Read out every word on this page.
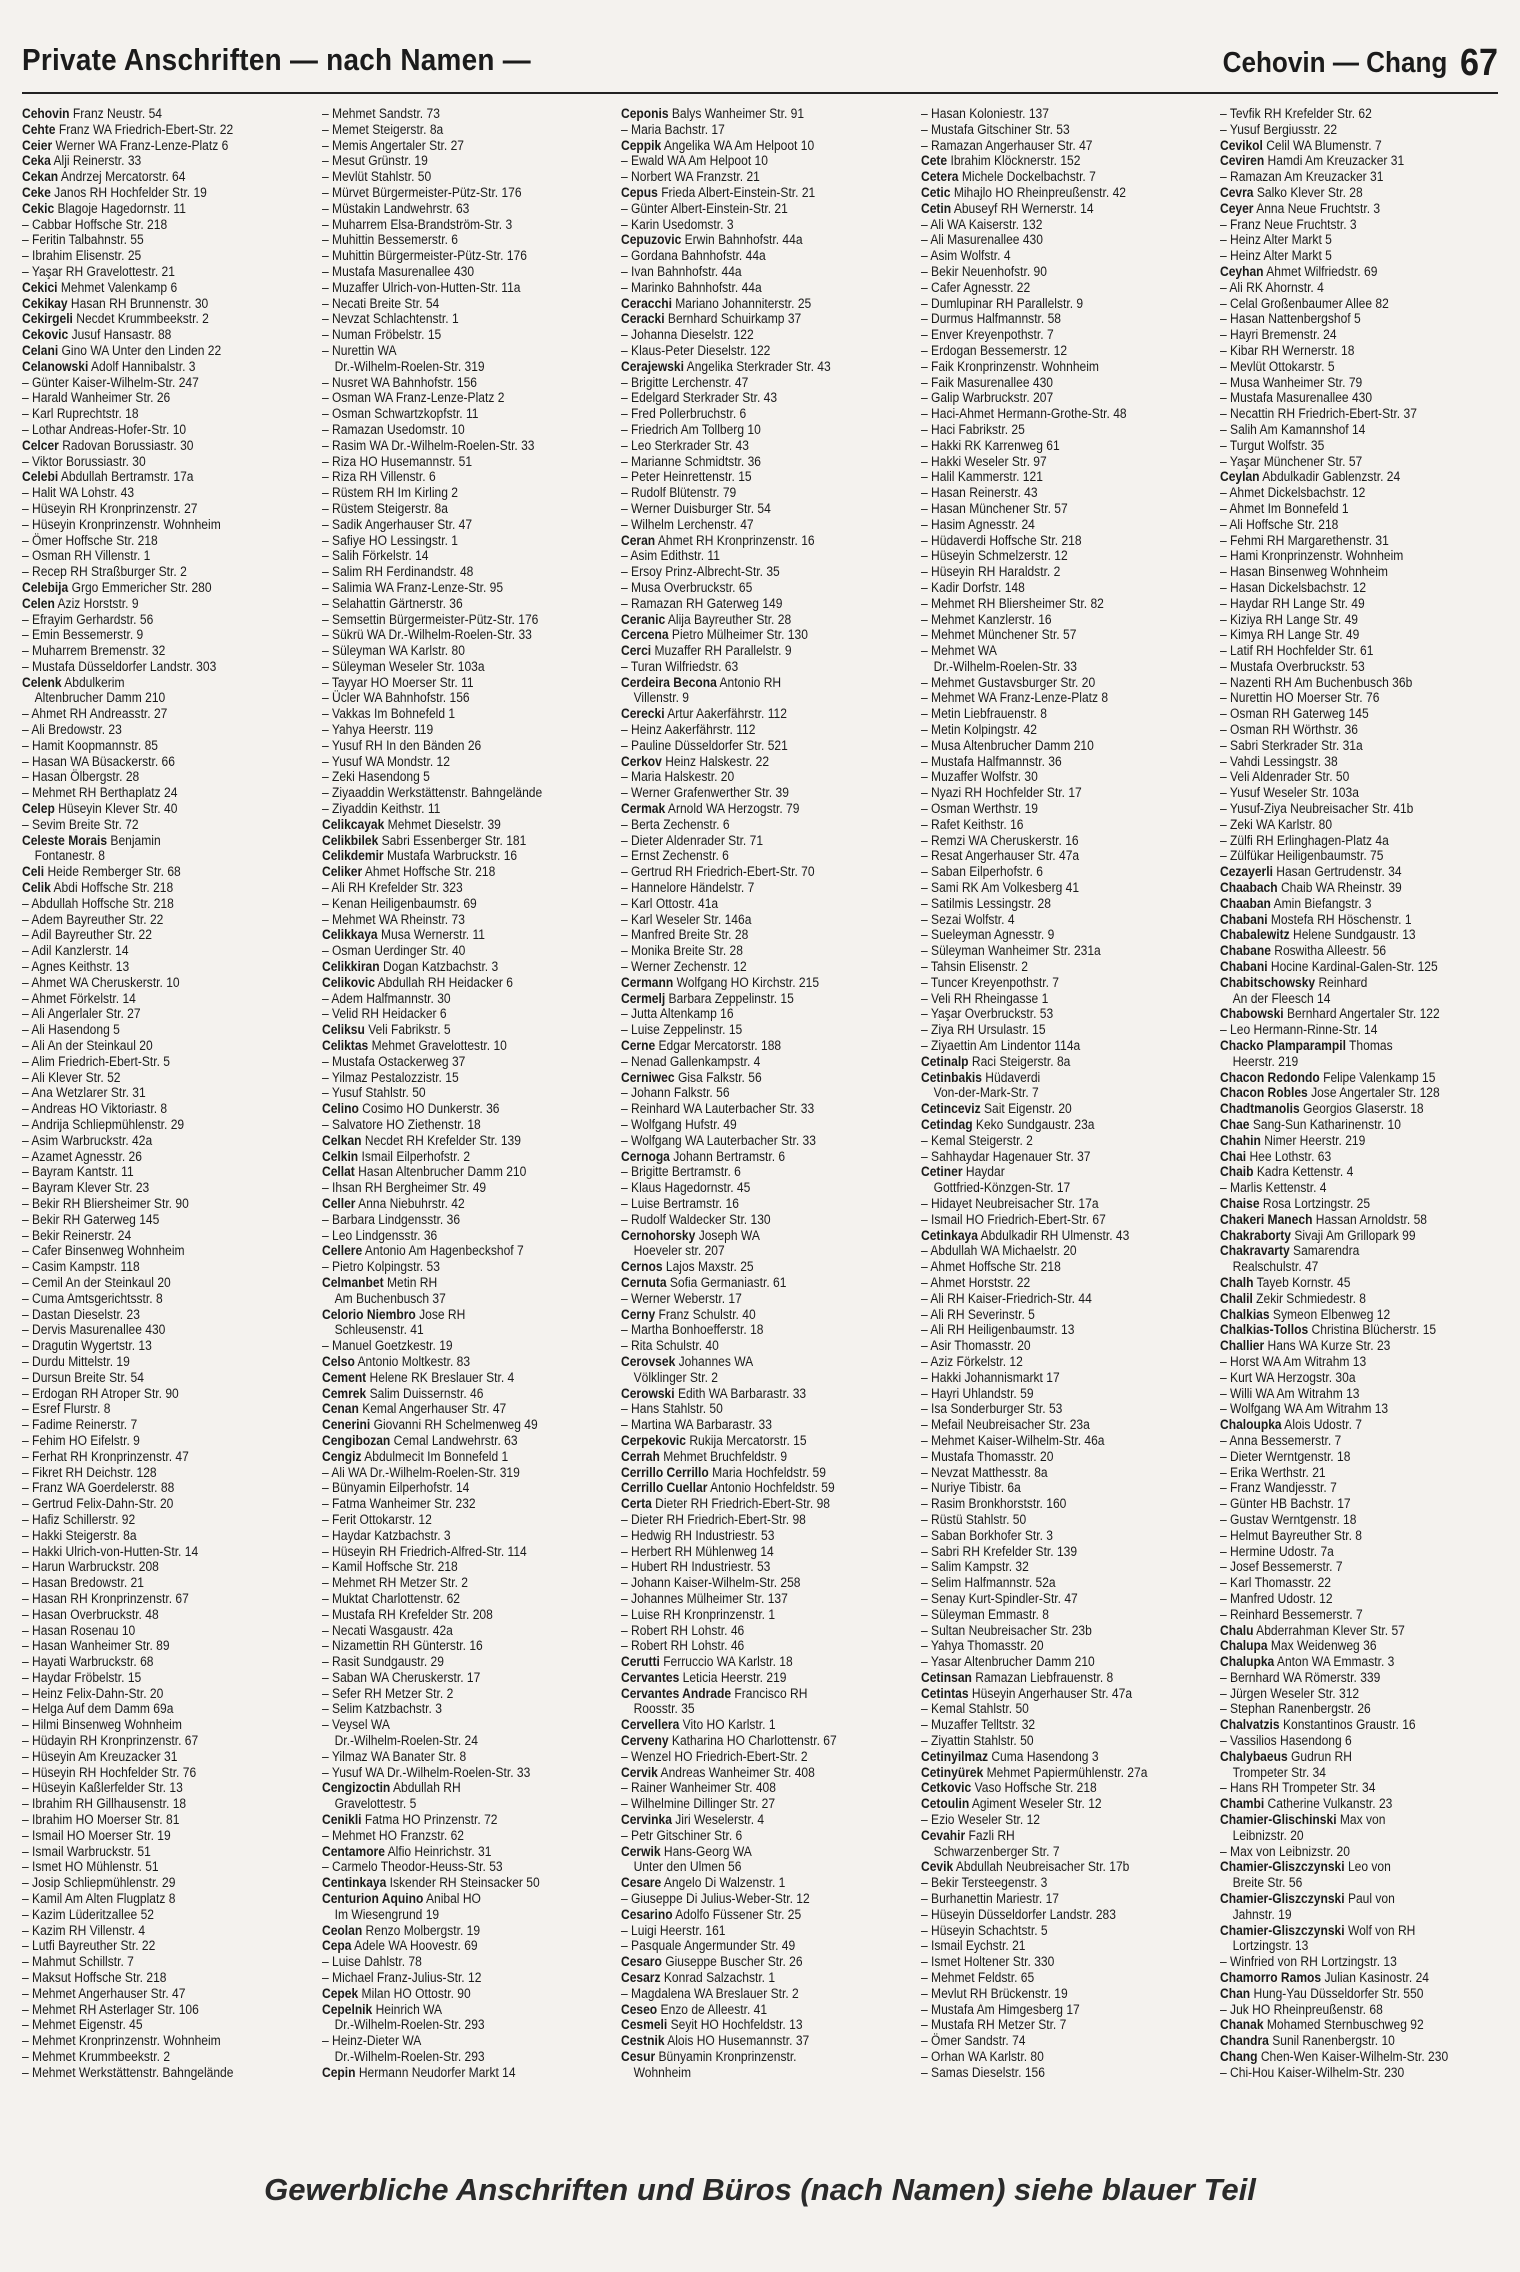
Private Anschriften — nach Namen —	Cehovin — Chang 67
Cehovin Franz Neustr. 54
Cehte Franz WA Friedrich-Ebert-Str. 22
Ceier Werner WA Franz-Lenze-Platz 6
Ceka Alji Reinerstr. 33
Cekan Andrzej Mercatorstr. 64
Ceke Janos RH Hochfelder Str. 19
Cekic Blagoje Hagedornstr. 11
– Cabbar Hoffsche Str. 218
– Feritin Talbahnstr. 55
– Ibrahim Elisenstr. 25
– Yaşar RH Gravelottestr. 21
Cekici Mehmet Valenkamp 6
Cekikay Hasan RH Brunnenstr. 30
Cekirgeli Necdet Krummbeekstr. 2
Cekovic Jusuf Hansastr. 88
Celani Gino WA Unter den Linden 22
Celanowski Adolf Hannibalstr. 3
– Günter Kaiser-Wilhelm-Str. 247
– Harald Wanheimer Str. 26
– Karl Ruprechtstr. 18
– Lothar Andreas-Hofer-Str. 10
Celcer Radovan Borussiastr. 30
– Viktor Borussiastr. 30
Celebi Abdullah Bertramstr. 17a
– Halit WA Lohstr. 43
– Hüseyin RH Kronprinzenstr. 27
– Hüseyin Kronprinzenstr. Wohnheim
– Ömer Hoffsche Str. 218
– Osman RH Villenstr. 1
– Recep RH Straßburger Str. 2
Celebija Grgo Emmericher Str. 280
Celen Aziz Horststr. 9
– Efrayim Gerhardstr. 56
– Emin Bessemerstr. 9
– Muharrem Bremenstr. 32
– Mustafa Düsseldorfer Landstr. 303
Celenk Abdulkerim
Altenbrucher Damm 210
– Ahmet RH Andreasstr. 27
– Ali Bredowstr. 23
– Hamit Koopmannstr. 85
– Hasan WA Büsackerstr. 66
– Hasan Ölbergstr. 28
– Mehmet RH Berthaplatz 24
Celep Hüseyin Klever Str. 40
– Sevim Breite Str. 72
Celeste Morais Benjamin
Fontanestr. 8
Celi Heide Remberger Str. 68
Celik Abdi Hoffsche Str. 218
– Abdullah Hoffsche Str. 218
– Adem Bayreuther Str. 22
– Adil Bayreuther Str. 22
– Adil Kanzlerstr. 14
– Agnes Keithstr. 13
– Ahmet WA Cheruskerstr. 10
– Ahmet Förkelstr. 14
– Ali Angerlaler Str. 27
– Ali Hasendong 5
– Ali An der Steinkaul 20
– Alim Friedrich-Ebert-Str. 5
– Ali Klever Str. 52
– Ana Wetzlarer Str. 31
– Andreas HO Viktoriastr. 8
– Andrija Schliepmühlenstr. 29
– Asim Warbruckstr. 42a
– Azamet Agnesstr. 26
– Bayram Kantstr. 11
– Bayram Klever Str. 23
– Bekir RH Bliersheimer Str. 90
– Bekir RH Gaterweg 145
– Bekir Reinerstr. 24
– Cafer Binsenweg Wohnheim
– Casim Kampstr. 118
– Cemil An der Steinkaul 20
– Cuma Amtsgerichtsstr. 8
– Dastan Dieselstr. 23
– Dervis Masurenallee 430
– Dragutin Wygertstr. 13
– Durdu Mittelstr. 19
– Dursun Breite Str. 54
– Erdogan RH Atroper Str. 90
– Esref Flurstr. 8
– Fadime Reinerstr. 7
– Fehim HO Eifelstr. 9
– Ferhat RH Kronprinzenstr. 47
– Fikret RH Deichstr. 128
– Franz WA Goerdelerstr. 88
– Gertrud Felix-Dahn-Str. 20
– Hafiz Schillerstr. 92
– Hakki Steigerstr. 8a
– Hakki Ulrich-von-Hutten-Str. 14
– Harun Warbruckstr. 208
– Hasan Bredowstr. 21
– Hasan RH Kronprinzenstr. 67
– Hasan Overbruckstr. 48
– Hasan Rosenau 10
– Hasan Wanheimer Str. 89
– Hayati Warbruckstr. 68
– Haydar Fröbelstr. 15
– Heinz Felix-Dahn-Str. 20
– Helga Auf dem Damm 69a
– Hilmi Binsenweg Wohnheim
– Hüdayin RH Kronprinzenstr. 67
– Hüseyin Am Kreuzacker 31
– Hüseyin RH Hochfelder Str. 76
– Hüseyin Kaßlerfelder Str. 13
– Ibrahim RH Gillhausenstr. 18
– Ibrahim HO Moerser Str. 81
– Ismail HO Moerser Str. 19
– Ismail Warbruckstr. 51
– Ismet HO Mühlenstr. 51
– Josip Schliepmühlenstr. 29
– Kamil Am Alten Flugplatz 8
– Kazim Lüderitzallee 52
– Kazim RH Villenstr. 4
– Lutfi Bayreuther Str. 22
– Mahmut Schillstr. 7
– Maksut Hoffsche Str. 218
– Mehmet Angerhauser Str. 47
– Mehmet RH Asterlager Str. 106
– Mehmet Eigenstr. 45
– Mehmet Kronprinzenstr. Wohnheim
– Mehmet Krummbeekstr. 2
– Mehmet Werkstättenstr. Bahngelände
– Mehmet Sandstr. 73
– Memet Steigerstr. 8a
– Memis Angertaler Str. 27
– Mesut Grünstr. 19
– Mevlüt Stahlstr. 50
– Mürvet Bürgermeister-Pütz-Str. 176
– Müstakin Landwehrstr. 63
– Muharrem Elsa-Brandström-Str. 3
– Muhittin Bessemerstr. 6
– Muhittin Bürgermeister-Pütz-Str. 176
– Mustafa Masurenallee 430
– Muzaffer Ulrich-von-Hutten-Str. 11a
– Necati Breite Str. 54
– Nevzat Schlachtenstr. 1
– Numan Fröbelstr. 15
– Nurettin WA
Dr.-Wilhelm-Roelen-Str. 319
– Nusret WA Bahnhofstr. 156
– Osman WA Franz-Lenze-Platz 2
– Osman Schwartzkopfstr. 11
– Ramazan Usedomstr. 10
– Rasim WA Dr.-Wilhelm-Roelen-Str. 33
– Riza HO Husemannstr. 51
– Riza RH Villenstr. 6
– Rüstem RH Im Kirling 2
– Rüstem Steigerstr. 8a
– Sadik Angerhauser Str. 47
– Safiye HO Lessingstr. 1
– Salih Förkelstr. 14
– Salim RH Ferdinandstr. 48
– Salimia WA Franz-Lenze-Str. 95
– Selahattin Gärtnerstr. 36
– Semsettin Bürgermeister-Pütz-Str. 176
– Sükrü WA Dr.-Wilhelm-Roelen-Str. 33
– Süleyman WA Karlstr. 80
– Süleyman Weseler Str. 103a
– Tayyar HO Moerser Str. 11
– Ücler WA Bahnhofstr. 156
– Vakkas Im Bohnefeld 1
– Yahya Heerstr. 119
– Yusuf RH In den Bänden 26
– Yusuf WA Mondstr. 12
– Zeki Hasendong 5
– Ziyaaddin Werkstättenstr. Bahngelände
– Ziyaddin Keithstr. 11
Celikcayak Mehmet Dieselstr. 39
Celikbilek Sabri Essenberger Str. 181
Celikdemir Mustafa Warbruckstr. 16
Celiker Ahmet Hoffsche Str. 218
– Ali RH Krefelder Str. 323
– Kenan Heiligenbaumstr. 69
– Mehmet WA Rheinstr. 73
Celikkaya Musa Wernerstr. 11
– Osman Uerdinger Str. 40
Celikkiran Dogan Katzbachstr. 3
Celikovic Abdullah RH Heidacker 6
– Adem Halfmannstr. 30
– Velid RH Heidacker 6
Celiksu Veli Fabrikstr. 5
Celiktas Mehmet Gravelottestr. 10
– Mustafa Ostackerweg 37
– Yilmaz Pestalozzistr. 15
– Yusuf Stahlstr. 50
Celino Cosimo HO Dunkerstr. 36
– Salvatore HO Ziethenstr. 18
Celkan Necdet RH Krefelder Str. 139
Celkin Ismail Eilperhofstr. 2
Cellat Hasan Altenbrucher Damm 210
– Ihsan RH Bergheimer Str. 49
Celler Anna Niebuhrstr. 42
– Barbara Lindgensstr. 36
– Leo Lindgensstr. 36
Cellere Antonio Am Hagenbeckshof 7
– Pietro Kolpingstr. 53
Celmanbet Metin RH
Am Buchenbusch 37
Celorio Niembro Jose RH
Schleusenstr. 41
– Manuel Goetzkestr. 19
Celso Antonio Moltkestr. 83
Cement Helene RK Breslauer Str. 4
Cemrek Salim Duissernstr. 46
Cenan Kemal Angerhauser Str. 47
Cenerini Giovanni RH Schelmenweg 49
Cengibozan Cemal Landwehrstr. 63
Cengiz Abdulmecit Im Bonnefeld 1
– Ali WA Dr.-Wilhelm-Roelen-Str. 319
– Bünyamin Eilperhofstr. 14
– Fatma Wanheimer Str. 232
– Ferit Ottokarstr. 12
– Haydar Katzbachstr. 3
– Hüseyin RH Friedrich-Alfred-Str. 114
– Kamil Hoffsche Str. 218
– Mehmet RH Metzer Str. 2
– Muktat Charlottenstr. 62
– Mustafa RH Krefelder Str. 208
– Necati Wasgaustr. 42a
– Nizamettin RH Günterstr. 16
– Rasit Sundgaustr. 29
– Saban WA Cheruskerstr. 17
– Sefer RH Metzer Str. 2
– Selim Katzbachstr. 3
– Veysel WA
Dr.-Wilhelm-Roelen-Str. 24
– Yilmaz WA Banater Str. 8
– Yusuf WA Dr.-Wilhelm-Roelen-Str. 33
Cengizoctin Abdullah RH
Gravelottestr. 5
Cenikli Fatma HO Prinzenstr. 72
– Mehmet HO Franzstr. 62
Centamore Alfio Heinrichstr. 31
– Carmelo Theodor-Heuss-Str. 53
Centinkaya Iskender RH Steinsacker 50
Centurion Aquino Anibal HO
Im Wiesengrund 19
Ceolan Renzo Molbergstr. 19
Cepa Adele WA Hoovestr. 69
– Luise Dahlstr. 78
– Michael Franz-Julius-Str. 12
Cepek Milan HO Ottostr. 90
Cepelnik Heinrich WA
Dr.-Wilhelm-Roelen-Str. 293
– Heinz-Dieter WA
Dr.-Wilhelm-Roelen-Str. 293
Cepin Hermann Neudorfer Markt 14
Ceponis Balys Wanheimer Str. 91
– Maria Bachstr. 17
Ceppik Angelika WA Am Helpoot 10
– Ewald WA Am Helpoot 10
– Norbert WA Franzstr. 21
Cepus Frieda Albert-Einstein-Str. 21
– Günter Albert-Einstein-Str. 21
– Karin Usedomstr. 3
Cepuzovic Erwin Bahnhofstr. 44a
– Gordana Bahnhofstr. 44a
– Ivan Bahnhofstr. 44a
– Marinko Bahnhofstr. 44a
Ceracchi Mariano Johanniterstr. 25
Ceracki Bernhard Schuirkamp 37
– Johanna Dieselstr. 122
– Klaus-Peter Dieselstr. 122
Cerajewski Angelika Sterkrader Str. 43
– Brigitte Lerchenstr. 47
– Edelgard Sterkrader Str. 43
– Fred Pollerbruchstr. 6
– Friedrich Am Tollberg 10
– Leo Sterkrader Str. 43
– Marianne Schmidtstr. 36
– Peter Heinrettenstr. 15
– Rudolf Blütenstr. 79
– Werner Duisburger Str. 54
– Wilhelm Lerchenstr. 47
Ceran Ahmet RH Kronprinzenstr. 16
– Asim Edithstr. 11
– Ersoy Prinz-Albrecht-Str. 35
– Musa Overbruckstr. 65
– Ramazan RH Gaterweg 149
Ceranic Alija Bayreuther Str. 28
Cercena Pietro Mülheimer Str. 130
Cerci Muzaffer RH Parallelstr. 9
– Turan Wilfriedstr. 63
Cerdeira Becona Antonio RH
Villenstr. 9
Cerecki Artur Aakerfährstr. 112
– Heinz Aakerfährstr. 112
– Pauline Düsseldorfer Str. 521
Cerkov Heinz Halskestr. 22
– Maria Halskestr. 20
– Werner Grafenwerther Str. 39
Cermak Arnold WA Herzogstr. 79
– Berta Zechenstr. 6
– Dieter Aldenrader Str. 71
– Ernst Zechenstr. 6
– Gertrud RH Friedrich-Ebert-Str. 70
– Hannelore Händelstr. 7
– Karl Ottostr. 41a
– Karl Weseler Str. 146a
– Manfred Breite Str. 28
– Monika Breite Str. 28
– Werner Zechenstr. 12
Cermann Wolfgang HO Kirchstr. 215
Cermelj Barbara Zeppelinstr. 15
– Jutta Altenkamp 16
– Luise Zeppelinstr. 15
Cerne Edgar Mercatorstr. 188
– Nenad Gallenkampstr. 4
Cerniwec Gisa Falkstr. 56
– Johann Falkstr. 56
– Reinhard WA Lauterbacher Str. 33
– Wolfgang Hufstr. 49
– Wolfgang WA Lauterbacher Str. 33
Cernoga Johann Bertramstr. 6
– Brigitte Bertramstr. 6
– Klaus Hagedornstr. 45
– Luise Bertramstr. 16
– Rudolf Waldecker Str. 130
Cernohorsky Joseph WA
Hoeveler str. 207
Cernos Lajos Maxstr. 25
Cernuta Sofia Germaniastr. 61
– Werner Weberstr. 17
Cerny Franz Schulstr. 40
– Martha Bonhoefferstr. 18
– Rita Schulstr. 40
Cerovsek Johannes WA
Völklinger Str. 2
Cerowski Edith WA Barbarastr. 33
– Hans Stahlstr. 50
– Martina WA Barbarastr. 33
Cerpekovic Rukija Mercatorstr. 15
Cerrah Mehmet Bruchfeldstr. 9
Cerrillo Cerrillo Maria Hochfeldstr. 59
Cerrillo Cuellar Antonio Hochfeldstr. 59
Certa Dieter RH Friedrich-Ebert-Str. 98
– Dieter RH Friedrich-Ebert-Str. 98
– Hedwig RH Industriestr. 53
– Herbert RH Mühlenweg 14
– Hubert RH Industriestr. 53
– Johann Kaiser-Wilhelm-Str. 258
– Johannes Mülheimer Str. 137
– Luise RH Kronprinzenstr. 1
– Robert RH Lohstr. 46
– Robert RH Lohstr. 46
Cerutti Ferruccio WA Karlstr. 18
Cervantes Leticia Heerstr. 219
Cervantes Andrade Francisco RH
Roosstr. 35
Cervellera Vito HO Karlstr. 1
Cerveny Katharina HO Charlottenstr. 67
– Wenzel HO Friedrich-Ebert-Str. 2
Cervik Andreas Wanheimer Str. 408
– Rainer Wanheimer Str. 408
– Wilhelmine Dillinger Str. 27
Cervinka Jiri Weselerstr. 4
– Petr Gitschiner Str. 6
Cerwik Hans-Georg WA
Unter den Ulmen 56
Cesare Angelo Di Walzenstr. 1
– Giuseppe Di Julius-Weber-Str. 12
Cesarino Adolfo Füssener Str. 25
– Luigi Heerstr. 161
– Pasquale Angermunder Str. 49
Cesaro Giuseppe Buscher Str. 26
Cesarz Konrad Salzachstr. 1
– Magdalena WA Breslauer Str. 2
Ceseo Enzo de Alleestr. 41
Cesmeli Seyit HO Hochfeldstr. 13
Cestnik Alois HO Husemannstr. 37
Cesur Bünyamin Kronprinzenstr.
Wohnheim
– Hasan Koloniestr. 137
– Mustafa Gitschiner Str. 53
– Ramazan Angerhauser Str. 47
Cete Ibrahim Klöcknerstr. 152
Cetera Michele Dockelbachstr. 7
Cetic Mihajlo HO Rheinpreußenstr. 42
Cetin Abuseyf RH Wernerstr. 14
– Ali WA Kaiserstr. 132
– Ali Masurenallee 430
– Asim Wolfstr. 4
– Bekir Neuenhofstr. 90
– Cafer Agnesstr. 22
– Dumlupinar RH Parallelstr. 9
– Durmus Halfmannstr. 58
– Enver Kreyenpothstr. 7
– Erdogan Bessemerstr. 12
– Faik Kronprinzenstr. Wohnheim
– Faik Masurenallee 430
– Galip Warbruckstr. 207
– Haci-Ahmet Hermann-Grothe-Str. 48
– Haci Fabrikstr. 25
– Hakki RK Karrenweg 61
– Hakki Weseler Str. 97
– Halil Kammerstr. 121
– Hasan Reinerstr. 43
– Hasan Münchener Str. 57
– Hasim Agnesstr. 24
– Hüdaverdi Hoffsche Str. 218
– Hüseyin Schmelzerstr. 12
– Hüseyin RH Haraldstr. 2
– Kadir Dorfstr. 148
– Mehmet RH Bliersheimer Str. 82
– Mehmet Kanzlerstr. 16
– Mehmet Münchener Str. 57
– Mehmet WA
Dr.-Wilhelm-Roelen-Str. 33
– Mehmet Gustavsburger Str. 20
– Mehmet WA Franz-Lenze-Platz 8
– Metin Liebfrauenstr. 8
– Metin Kolpingstr. 42
– Musa Altenbrucher Damm 210
– Mustafa Halfmannstr. 36
– Muzaffer Wolfstr. 30
– Nyazi RH Hochfelder Str. 17
– Osman Werthstr. 19
– Rafet Keithstr. 16
– Remzi WA Cheruskerstr. 16
– Resat Angerhauser Str. 47a
– Saban Eilperhofstr. 6
– Sami RK Am Volkesberg 41
– Satilmis Lessingstr. 28
– Sezai Wolfstr. 4
– Sueleyman Agnesstr. 9
– Süleyman Wanheimer Str. 231a
– Tahsin Elisenstr. 2
– Tuncer Kreyenpothstr. 7
– Veli RH Rheingasse 1
– Yaşar Overbruckstr. 53
– Ziya RH Ursulastr. 15
– Ziyaettin Am Lindentor 114a
Cetinalp Raci Steigerstr. 8a
Cetinbakis Hüdaverdi
Von-der-Mark-Str. 7
Cetinceviz Sait Eigenstr. 20
Cetindag Keko Sundgaustr. 23a
– Kemal Steigerstr. 2
– Sahhaydar Hagenauer Str. 37
Cetiner Haydar
Gottfried-Könzgen-Str. 17
– Hidayet Neubreisacher Str. 17a
– Ismail HO Friedrich-Ebert-Str. 67
Cetinkaya Abdulkadir RH Ulmenstr. 43
– Abdullah WA Michaelstr. 20
– Ahmet Hoffsche Str. 218
– Ahmet Horststr. 22
– Ali RH Kaiser-Friedrich-Str. 44
– Ali RH Severinstr. 5
– Ali RH Heiligenbaumstr. 13
– Asir Thomasstr. 20
– Aziz Förkelstr. 12
– Hakki Johannismarkt 17
– Hayri Uhlandstr. 59
– Isa Sonderburger Str. 53
– Mefail Neubreisacher Str. 23a
– Mehmet Kaiser-Wilhelm-Str. 46a
– Mustafa Thomasstr. 20
– Nevzat Matthesstr. 8a
– Nuriye Tibistr. 6a
– Rasim Bronkhorststr. 160
– Rüstü Stahlstr. 50
– Saban Borkhofer Str. 3
– Sabri RH Krefelder Str. 139
– Salim Kampstr. 32
– Selim Halfmannstr. 52a
– Senay Kurt-Spindler-Str. 47
– Süleyman Emmastr. 8
– Sultan Neubreisacher Str. 23b
– Yahya Thomasstr. 20
– Yasar Altenbrucher Damm 210
Cetinsan Ramazan Liebfrauenstr. 8
Cetintas Hüseyin Angerhauser Str. 47a
– Kemal Stahlstr. 50
– Muzaffer Telltstr. 32
– Ziyattin Stahlstr. 50
Cetinyilmaz Cuma Hasendong 3
Cetinyürek Mehmet Papiermühlenstr. 27a
Cetkovic Vaso Hoffsche Str. 218
Cetoulin Agiment Weseler Str. 12
– Ezio Weseler Str. 12
Cevahir Fazli RH
Schwarzenberger Str. 7
Cevik Abdullah Neubreisacher Str. 17b
– Bekir Tersteegenstr. 3
– Burhanettin Mariestr. 17
– Hüseyin Düsseldorfer Landstr. 283
– Hüseyin Schachtstr. 5
– Ismail Eychstr. 21
– Ismet Holtener Str. 330
– Mehmet Feldstr. 65
– Mevlut RH Brückenstr. 19
– Mustafa Am Himgesberg 17
– Mustafa RH Metzer Str. 7
– Ömer Sandstr. 74
– Orhan WA Karlstr. 80
– Samas Dieselstr. 156
– Tevfik RH Krefelder Str. 62
– Yusuf Bergiusstr. 22
Cevikol Celil WA Blumenstr. 7
Ceviren Hamdi Am Kreuzacker 31
– Ramazan Am Kreuzacker 31
Cevra Salko Klever Str. 28
Ceyer Anna Neue Fruchtstr. 3
– Franz Neue Fruchtstr. 3
– Heinz Alter Markt 5
– Heinz Alter Markt 5
Ceyhan Ahmet Wilfriedstr. 69
– Ali RK Ahornstr. 4
– Celal Großenbaumer Allee 82
– Hasan Nattenbergshof 5
– Hayri Bremenstr. 24
– Kibar RH Wernerstr. 18
– Mevlüt Ottokarstr. 5
– Musa Wanheimer Str. 79
– Mustafa Masurenallee 430
– Necattin RH Friedrich-Ebert-Str. 37
– Salih Am Kamannshof 14
– Turgut Wolfstr. 35
– Yaşar Münchener Str. 57
Ceylan Abdulkadir Gablenzstr. 24
– Ahmet Dickelsbachstr. 12
– Ahmet Im Bonnefeld 1
– Ali Hoffsche Str. 218
– Fehmi RH Margarethenstr. 31
– Hami Kronprinzenstr. Wohnheim
– Hasan Binsenweg Wohnheim
– Hasan Dickelsbachstr. 12
– Haydar RH Lange Str. 49
– Kiziya RH Lange Str. 49
– Kimya RH Lange Str. 49
– Latif RH Hochfelder Str. 61
– Mustafa Overbruckstr. 53
– Nazenti RH Am Buchenbusch 36b
– Nurettin HO Moerser Str. 76
– Osman RH Gaterweg 145
– Osman RH Wörthstr. 36
– Sabri Sterkrader Str. 31a
– Vahdi Lessingstr. 38
– Veli Aldenrader Str. 50
– Yusuf Weseler Str. 103a
– Yusuf-Ziya Neubreisacher Str. 41b
– Zeki WA Karlstr. 80
– Zülfi RH Erlinghagen-Platz 4a
– Zülfükar Heiligenbaumstr. 75
Cezayerli Hasan Gertrudenstr. 34
Chaabach Chaib WA Rheinstr. 39
Chaaban Amin Biefangstr. 3
Chabani Mostefa RH Höschenstr. 1
Chabalewitz Helene Sundgaustr. 13
Chabane Roswitha Alleestr. 56
Chabani Hocine Kardinal-Galen-Str. 125
Chabitschowsky Reinhard
An der Fleesch 14
Chabowski Bernhard Angertaler Str. 122
– Leo Hermann-Rinne-Str. 14
Chacko Plamparampil Thomas
Heerstr. 219
Chacon Redondo Felipe Valenkamp 15
Chacon Robles Jose Angertaler Str. 128
Chadtmanolis Georgios Glaserstr. 18
Chae Sang-Sun Katharinenstr. 10
Chahin Nimer Heerstr. 219
Chai Hee Lothstr. 63
Chaib Kadra Kettenstr. 4
– Marlis Kettenstr. 4
Chaise Rosa Lortzingstr. 25
Chakeri Manech Hassan Arnoldstr. 58
Chakraborty Sivaji Am Grillopark 99
Chakravarty Samarendra
Realschulstr. 47
Chalh Tayeb Kornstr. 45
Chalil Zekir Schmiedestr. 8
Chalkias Symeon Elbenweg 12
Chalkias-Tollos Christina Blücherstr. 15
Challier Hans WA Kurze Str. 23
– Horst WA Am Witrahm 13
– Kurt WA Herzogstr. 30a
– Willi WA Am Witrahm 13
– Wolfgang WA Am Witrahm 13
Chaloupka Alois Udostr. 7
– Anna Bessemerstr. 7
– Dieter Werntgenstr. 18
– Erika Werthstr. 21
– Franz Wandjesstr. 7
– Günter HB Bachstr. 17
– Gustav Werntgenstr. 18
– Helmut Bayreuther Str. 8
– Hermine Udostr. 7a
– Josef Bessemerstr. 7
– Karl Thomasstr. 22
– Manfred Udostr. 12
– Reinhard Bessemerstr. 7
Chalu Abderrahman Klever Str. 57
Chalupa Max Weidenweg 36
Chalupka Anton WA Emmastr. 3
– Bernhard WA Römerstr. 339
– Jürgen Weseler Str. 312
– Stephan Ranenbergstr. 26
Chalvatzis Konstantinos Graustr. 16
– Vassilios Hasendong 6
Chalybaeus Gudrun RH
Trompeter Str. 34
– Hans RH Trompeter Str. 34
Chambi Catherine Vulkanstr. 23
Chamier-Glischinski Max von
Leibnizstr. 20
– Max von Leibnizstr. 20
Chamier-Gliszczynski Leo von
Breite Str. 56
Chamier-Gliszczynski Paul von
Jahnstr. 19
Chamier-Gliszczynski Wolf von RH
Lortzingstr. 13
– Winfried von RH Lortzingstr. 13
Chamorro Ramos Julian Kasinostr. 24
Chan Hung-Yau Düsseldorfer Str. 550
– Juk HO Rheinpreußenstr. 68
Chanak Mohamed Sternbuschweg 92
Chandra Sunil Ranenbergstr. 10
Chang Chen-Wen Kaiser-Wilhelm-Str. 230
– Chi-Hou Kaiser-Wilhelm-Str. 230
Gewerbliche Anschriften und Büros (nach Namen) siehe blauer Teil
